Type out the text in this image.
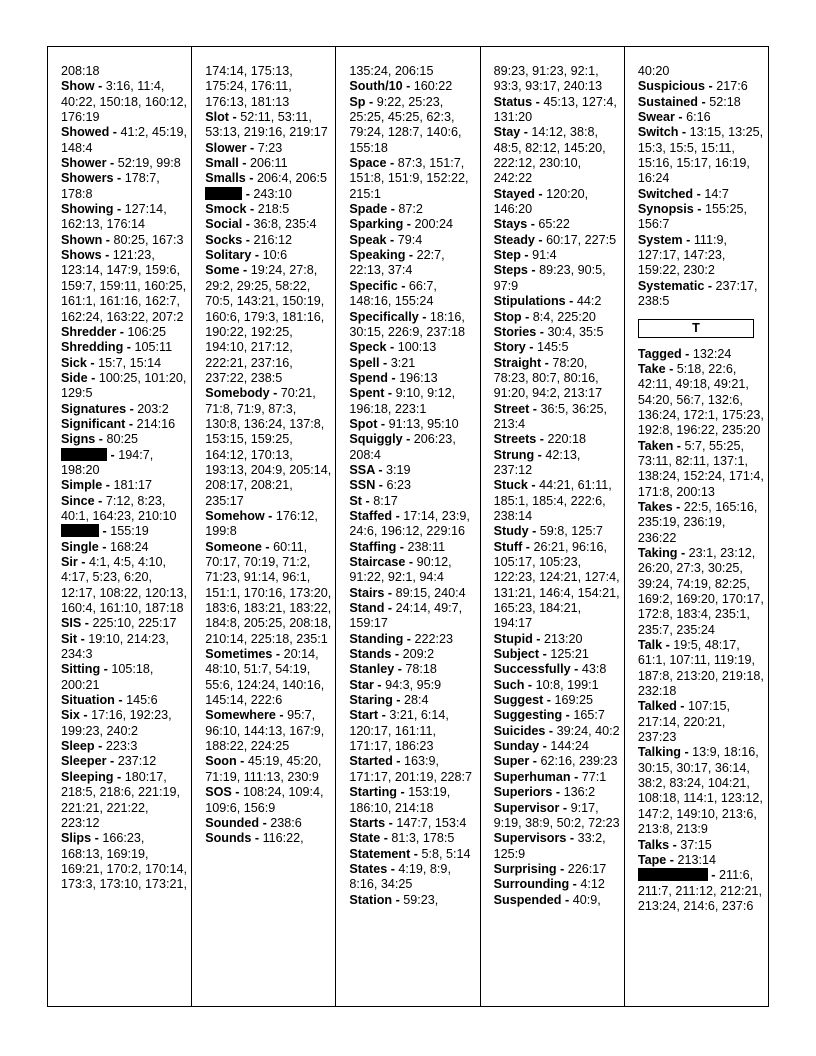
208:18
Show - 3:16, 11:4, 40:22, 150:18, 160:12, 176:19
Showed - 41:2, 45:19, 148:4
Shower - 52:19, 99:8
Showers - 178:7, 178:8
Showing - 127:14, 162:13, 176:14
Shown - 80:25, 167:3
Shows - 121:23, 123:14, 147:9, 159:6, 159:7, 159:11, 160:25, 161:1, 161:16, 162:7, 162:24, 163:22, 207:2
Shredder - 106:25
Shredding - 105:11
Sick - 15:7, 15:14
Side - 100:25, 101:20, 129:5
Signatures - 203:2
Significant - 214:16
Signs - 80:25
- 194:7, 198:20
Simple - 181:17
Since - 7:12, 8:23, 40:1, 164:23, 210:10
- 155:19
Single - 168:24
Sir - 4:1, 4:5, 4:10, 4:17, 5:23, 6:20, 12:17, 108:22, 120:13, 160:4, 161:10, 187:18
SIS - 225:10, 225:17
Sit - 19:10, 214:23, 234:3
Sitting - 105:18, 200:21
Situation - 145:6
Six - 17:16, 192:23, 199:23, 240:2
Sleep - 223:3
Sleeper - 237:12
Sleeping - 180:17, 218:5, 218:6, 221:19, 221:21, 221:22, 223:12
Slips - 166:23, 168:13, 169:19, 169:21, 170:2, 170:14, 173:3, 173:10, 173:21,
174:14, 175:13, 175:24, 176:11, 176:13, 181:13
Slot - 52:11, 53:11, 53:13, 219:16, 219:17
Slower - 7:23
Small - 206:11
Smalls - 206:4, 206:5
- 243:10
Smock - 218:5
Social - 36:8, 235:4
Socks - 216:12
Solitary - 10:6
Some - 19:24, 27:8, 29:2, 29:25, 58:22, 70:5, 143:21, 150:19, 160:6, 179:3, 181:16, 190:22, 192:25, 194:10, 217:12, 222:21, 237:16, 237:22, 238:5
Somebody - 70:21, 71:8, 71:9, 87:3, 130:8, 136:24, 137:8, 153:15, 159:25, 164:12, 170:13, 193:13, 204:9, 205:14, 208:17, 208:21, 235:17
Somehow - 176:12, 199:8
Someone - 60:11, 70:17, 70:19, 71:2, 71:23, 91:14, 96:1, 151:1, 170:16, 173:20, 183:6, 183:21, 183:22, 184:8, 205:25, 208:18, 210:14, 225:18, 235:1
Sometimes - 20:14, 48:10, 51:7, 54:19, 55:6, 124:24, 140:16, 145:14, 222:6
Somewhere - 95:7, 96:10, 144:13, 167:9, 188:22, 224:25
Soon - 45:19, 45:20, 71:19, 111:13, 230:9
SOS - 108:24, 109:4, 109:6, 156:9
Sounded - 238:6
Sounds - 116:22,
135:24, 206:15
South/10 - 160:22
Sp - 9:22, 25:23, 25:25, 45:25, 62:3, 79:24, 128:7, 140:6, 155:18
Space - 87:3, 151:7, 151:8, 151:9, 152:22, 215:1
Spade - 87:2
Sparking - 200:24
Speak - 79:4
Speaking - 22:7, 22:13, 37:4
Specific - 66:7, 148:16, 155:24
Specifically - 18:16, 30:15, 226:9, 237:18
Speck - 100:13
Spell - 3:21
Spend - 196:13
Spent - 9:10, 9:12, 196:18, 223:1
Spot - 91:13, 95:10
Squiggly - 206:23, 208:4
SSA - 3:19
SSN - 6:23
St - 8:17
Staffed - 17:14, 23:9, 24:6, 196:12, 229:16
Staffing - 238:11
Staircase - 90:12, 91:22, 92:1, 94:4
Stairs - 89:15, 240:4
Stand - 24:14, 49:7, 159:17
Standing - 222:23
Stands - 209:2
Stanley - 78:18
Star - 94:3, 95:9
Staring - 28:4
Start - 3:21, 6:14, 120:17, 161:11, 171:17, 186:23
Started - 163:9, 171:17, 201:19, 228:7
Starting - 153:19, 186:10, 214:18
Starts - 147:7, 153:4
State - 81:3, 178:5
Statement - 5:8, 5:14
States - 4:19, 8:9, 8:16, 34:25
Station - 59:23,
89:23, 91:23, 92:1, 93:3, 93:17, 240:13
Status - 45:13, 127:4, 131:20
Stay - 14:12, 38:8, 48:5, 82:12, 145:20, 222:12, 230:10, 242:22
Stayed - 120:20, 146:20
Stays - 65:22
Steady - 60:17, 227:5
Step - 91:4
Steps - 89:23, 90:5, 97:9
Stipulations - 44:2
Stop - 8:4, 225:20
Stories - 30:4, 35:5
Story - 145:5
Straight - 78:20, 78:23, 80:7, 80:16, 91:20, 94:2, 213:17
Street - 36:5, 36:25, 213:4
Streets - 220:18
Strung - 42:13, 237:12
Stuck - 44:21, 61:11, 185:1, 185:4, 222:6, 238:14
Study - 59:8, 125:7
Stuff - 26:21, 96:16, 105:17, 105:23, 122:23, 124:21, 127:4, 131:21, 146:4, 154:21, 165:23, 184:21, 194:17
Stupid - 213:20
Subject - 125:21
Successfully - 43:8
Such - 10:8, 199:1
Suggest - 169:25
Suggesting - 165:7
Suicides - 39:24, 40:2
Sunday - 144:24
Super - 62:16, 239:23
Superhuman - 77:1
Superiors - 136:2
Supervisor - 9:17, 9:19, 38:9, 50:2, 72:23
Supervisors - 33:2, 125:9
Surprising - 226:17
Surrounding - 4:12
Suspended - 40:9,
40:20
Suspicious - 217:6
Sustained - 52:18
Swear - 6:16
Switch - 13:15, 13:25, 15:3, 15:5, 15:11, 15:16, 15:17, 16:19, 16:24
Switched - 14:7
Synopsis - 155:25, 156:7
System - 111:9, 127:17, 147:23, 159:22, 230:2
Systematic - 237:17, 238:5
T
Tagged - 132:24
Take - 5:18, 22:6, 42:11, 49:18, 49:21, 54:20, 56:7, 132:6, 136:24, 172:1, 175:23, 192:8, 196:22, 235:20
Taken - 5:7, 55:25, 73:11, 82:11, 137:1, 138:24, 152:24, 171:4, 171:8, 200:13
Takes - 22:5, 165:16, 235:19, 236:19, 236:22
Taking - 23:1, 23:12, 26:20, 27:3, 30:25, 39:24, 74:19, 82:25, 169:2, 169:20, 170:17, 172:8, 183:4, 235:1, 235:7, 235:24
Talk - 19:5, 48:17, 61:1, 107:11, 119:19, 187:8, 213:20, 219:18, 232:18
Talked - 107:15, 217:14, 220:21, 237:23
Talking - 13:9, 18:16, 30:15, 30:17, 36:14, 38:2, 83:24, 104:21, 108:18, 114:1, 123:12, 147:2, 149:10, 213:6, 213:8, 213:9
Talks - 37:15
Tape - 213:14
- 211:6, 211:7, 211:12, 212:21, 213:24, 214:6, 237:6
